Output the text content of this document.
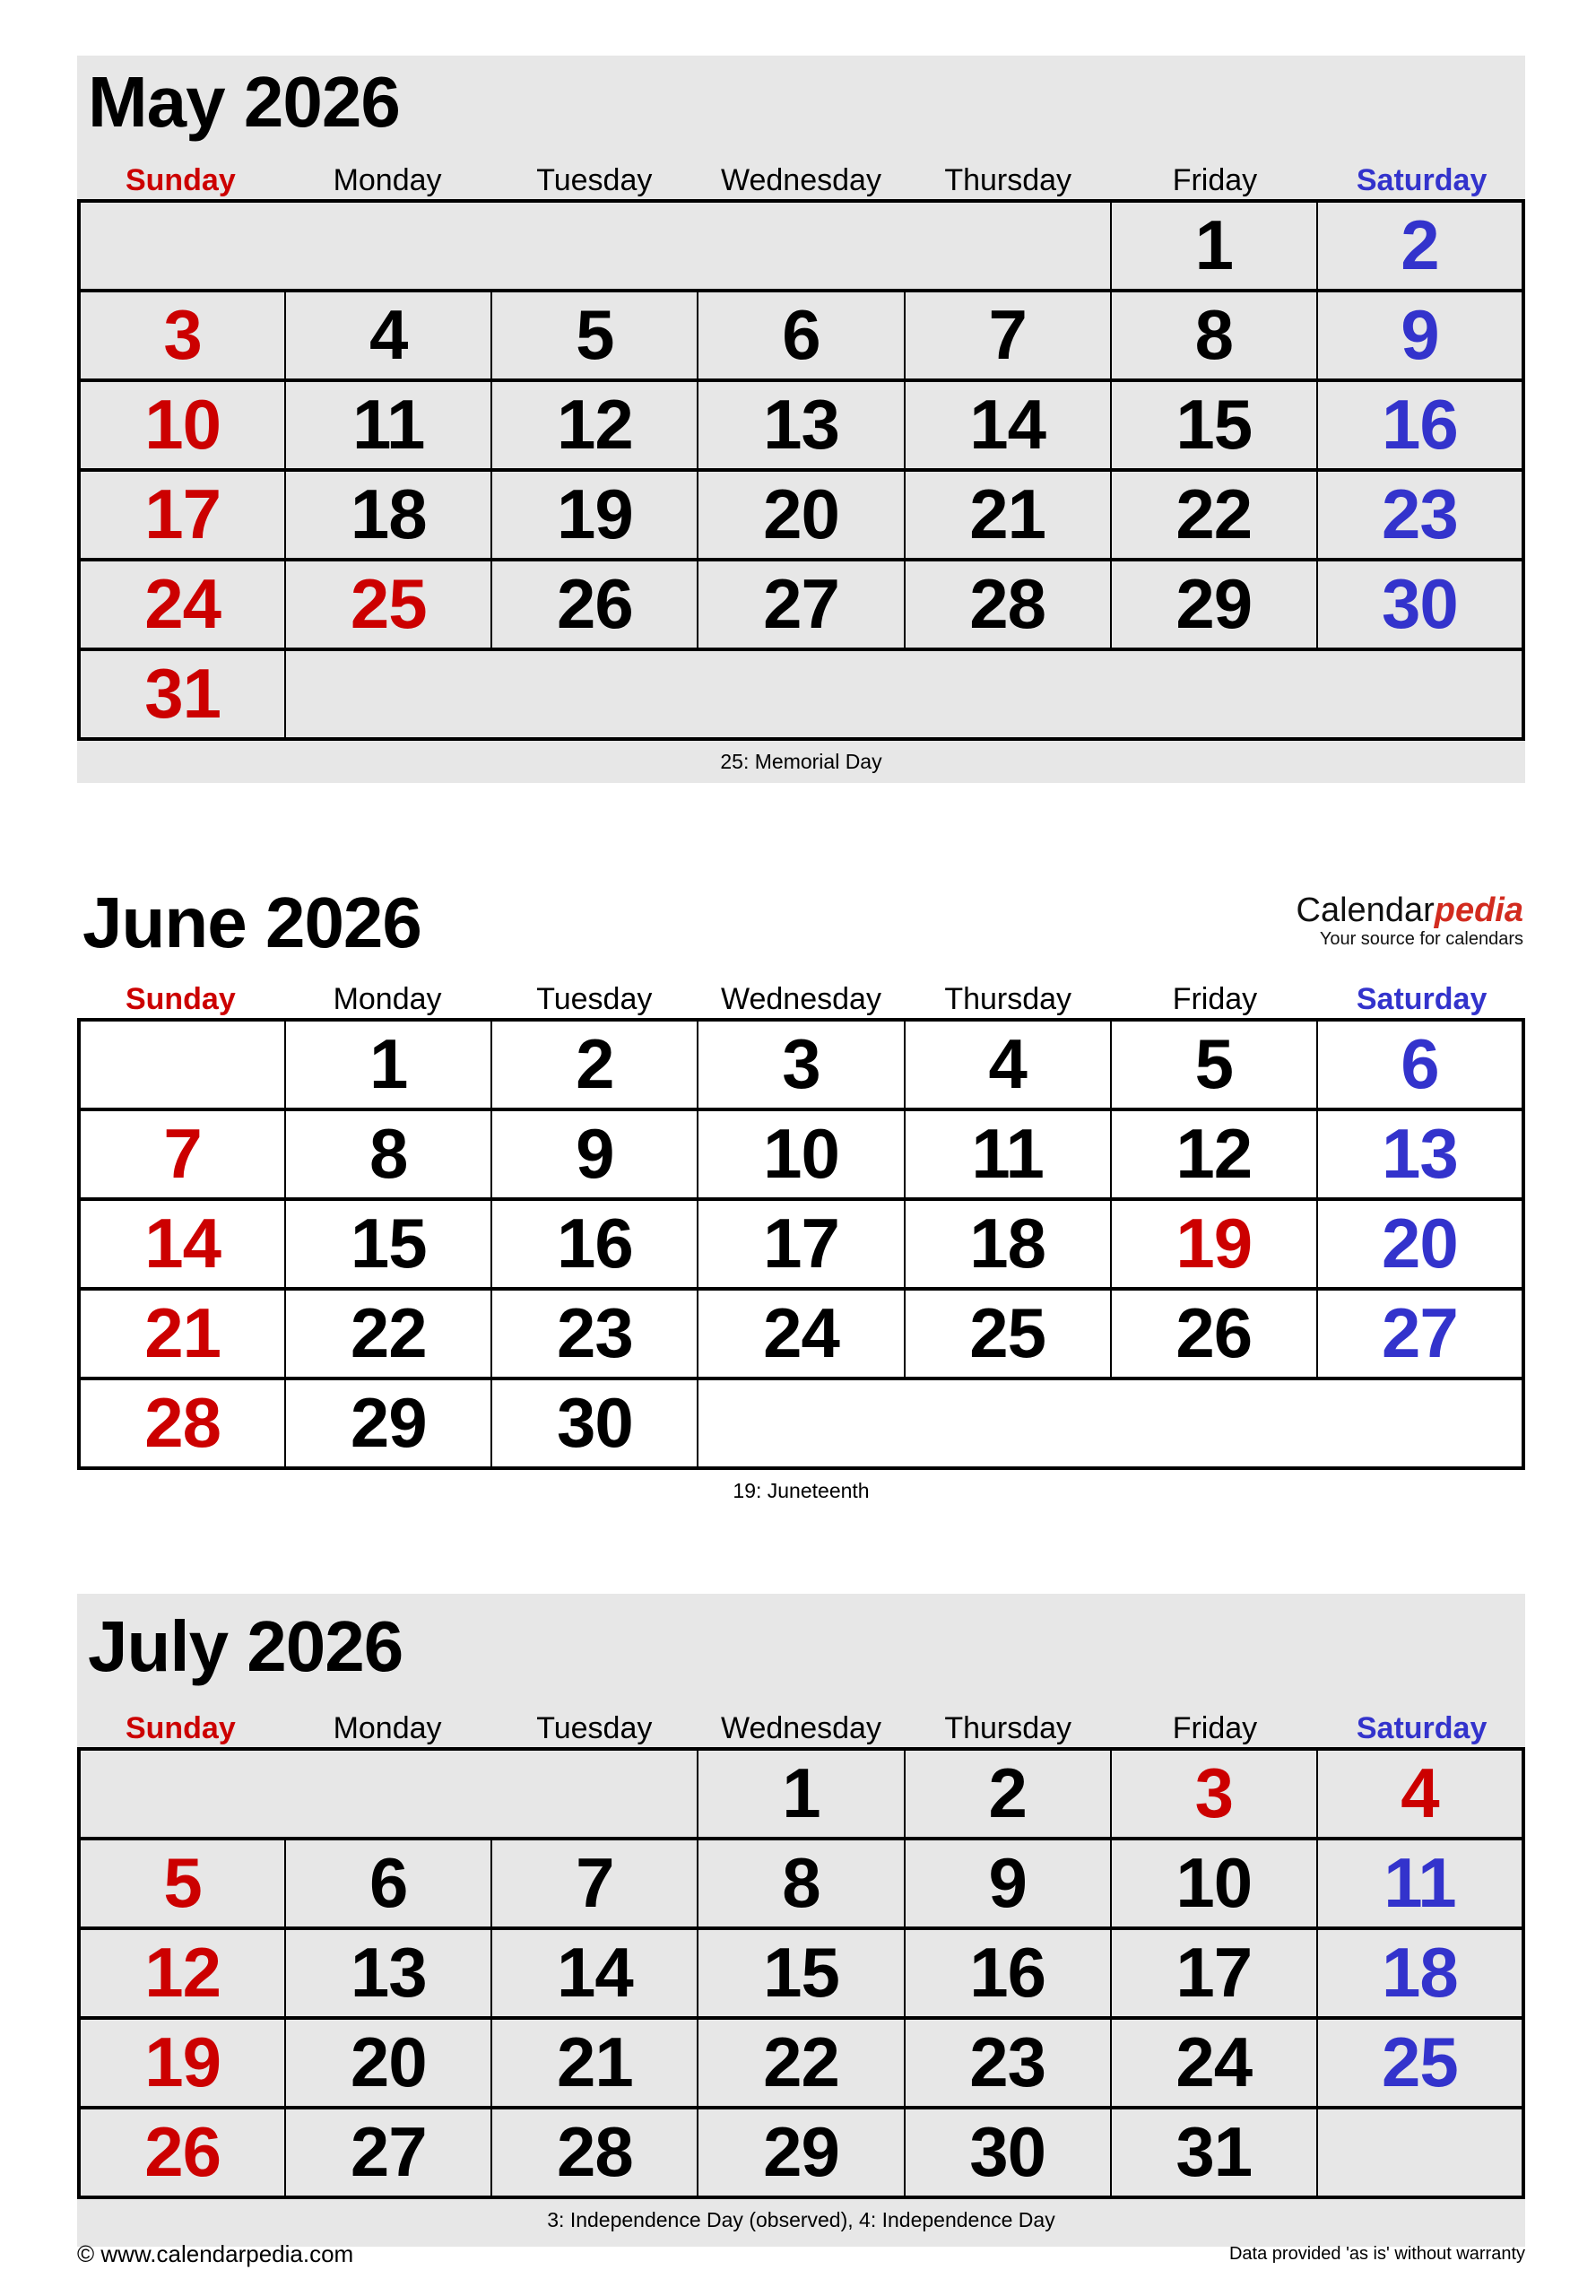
May 2026
Sunday	Monday	Tuesday	Wednesday	Thursday	Friday	Saturday
					1	2
3	4	5	6	7	8	9
10	11	12	13	14	15	16
17	18	19	20	21	22	23
24	25	26	27	28	29	30
31						
25: Memorial Day
Calendarpedia
Your source for calendars
June 2026
Sunday	Monday	Tuesday	Wednesday	Thursday	Friday	Saturday
	1	2	3	4	5	6
7	8	9	10	11	12	13
14	15	16	17	18	19	20
21	22	23	24	25	26	27
28	29	30				
19: Juneteenth
July 2026
Sunday	Monday	Tuesday	Wednesday	Thursday	Friday	Saturday
			1	2	3	4
5	6	7	8	9	10	11
12	13	14	15	16	17	18
19	20	21	22	23	24	25
26	27	28	29	30	31	
3: Independence Day (observed), 4: Independence Day
© www.calendarpedia.com	Data provided 'as is' without warranty
